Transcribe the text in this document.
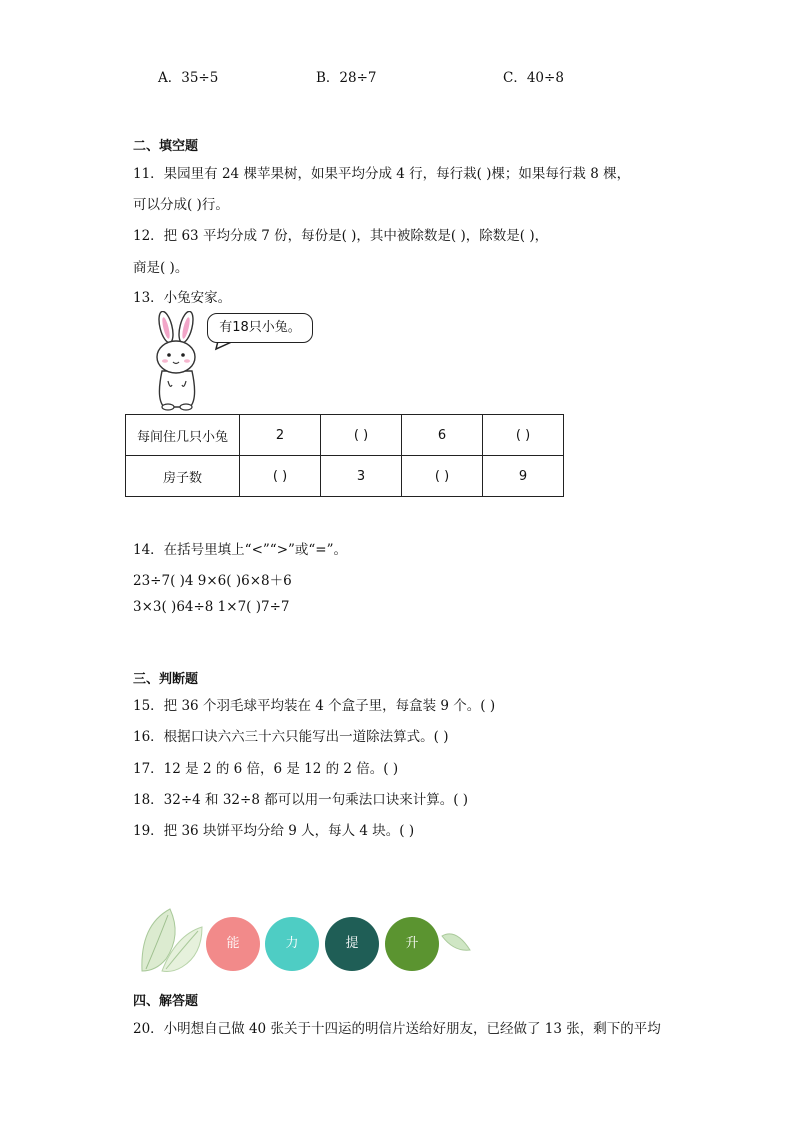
A．35÷5	B．28÷7	C．40÷8
二、填空题
11．果园里有 24 棵苹果树，如果平均分成 4 行，每行栽( )棵；如果每行栽 8 棵，
可以分成( )行。
12．把 63 平均分成 7 份，每份是( )，其中被除数是( )，除数是( )，
商是( )。
13．小兔安家。
有18只小兔。
每间住几只小兔	2	( )	6	( )
房子数	( )	3	( )	9
14．在括号里填上“<”“>”或“=”。
23÷7( )4 9×6( )6×8＋6
3×3( )64÷8 1×7( )7÷7
三、判断题
15．把 36 个羽毛球平均装在 4 个盒子里，每盒装 9 个。( )
16．根据口诀六六三十六只能写出一道除法算式。( )
17．12 是 2 的 6 倍，6 是 12 的 2 倍。( )
18．32÷4 和 32÷8 都可以用一句乘法口诀来计算。( )
19．把 36 块饼平均分给 9 人，每人 4 块。( )
能	力	提	升
四、解答题
20．小明想自己做 40 张关于十四运的明信片送给好朋友，已经做了 13 张，剩下的平均
